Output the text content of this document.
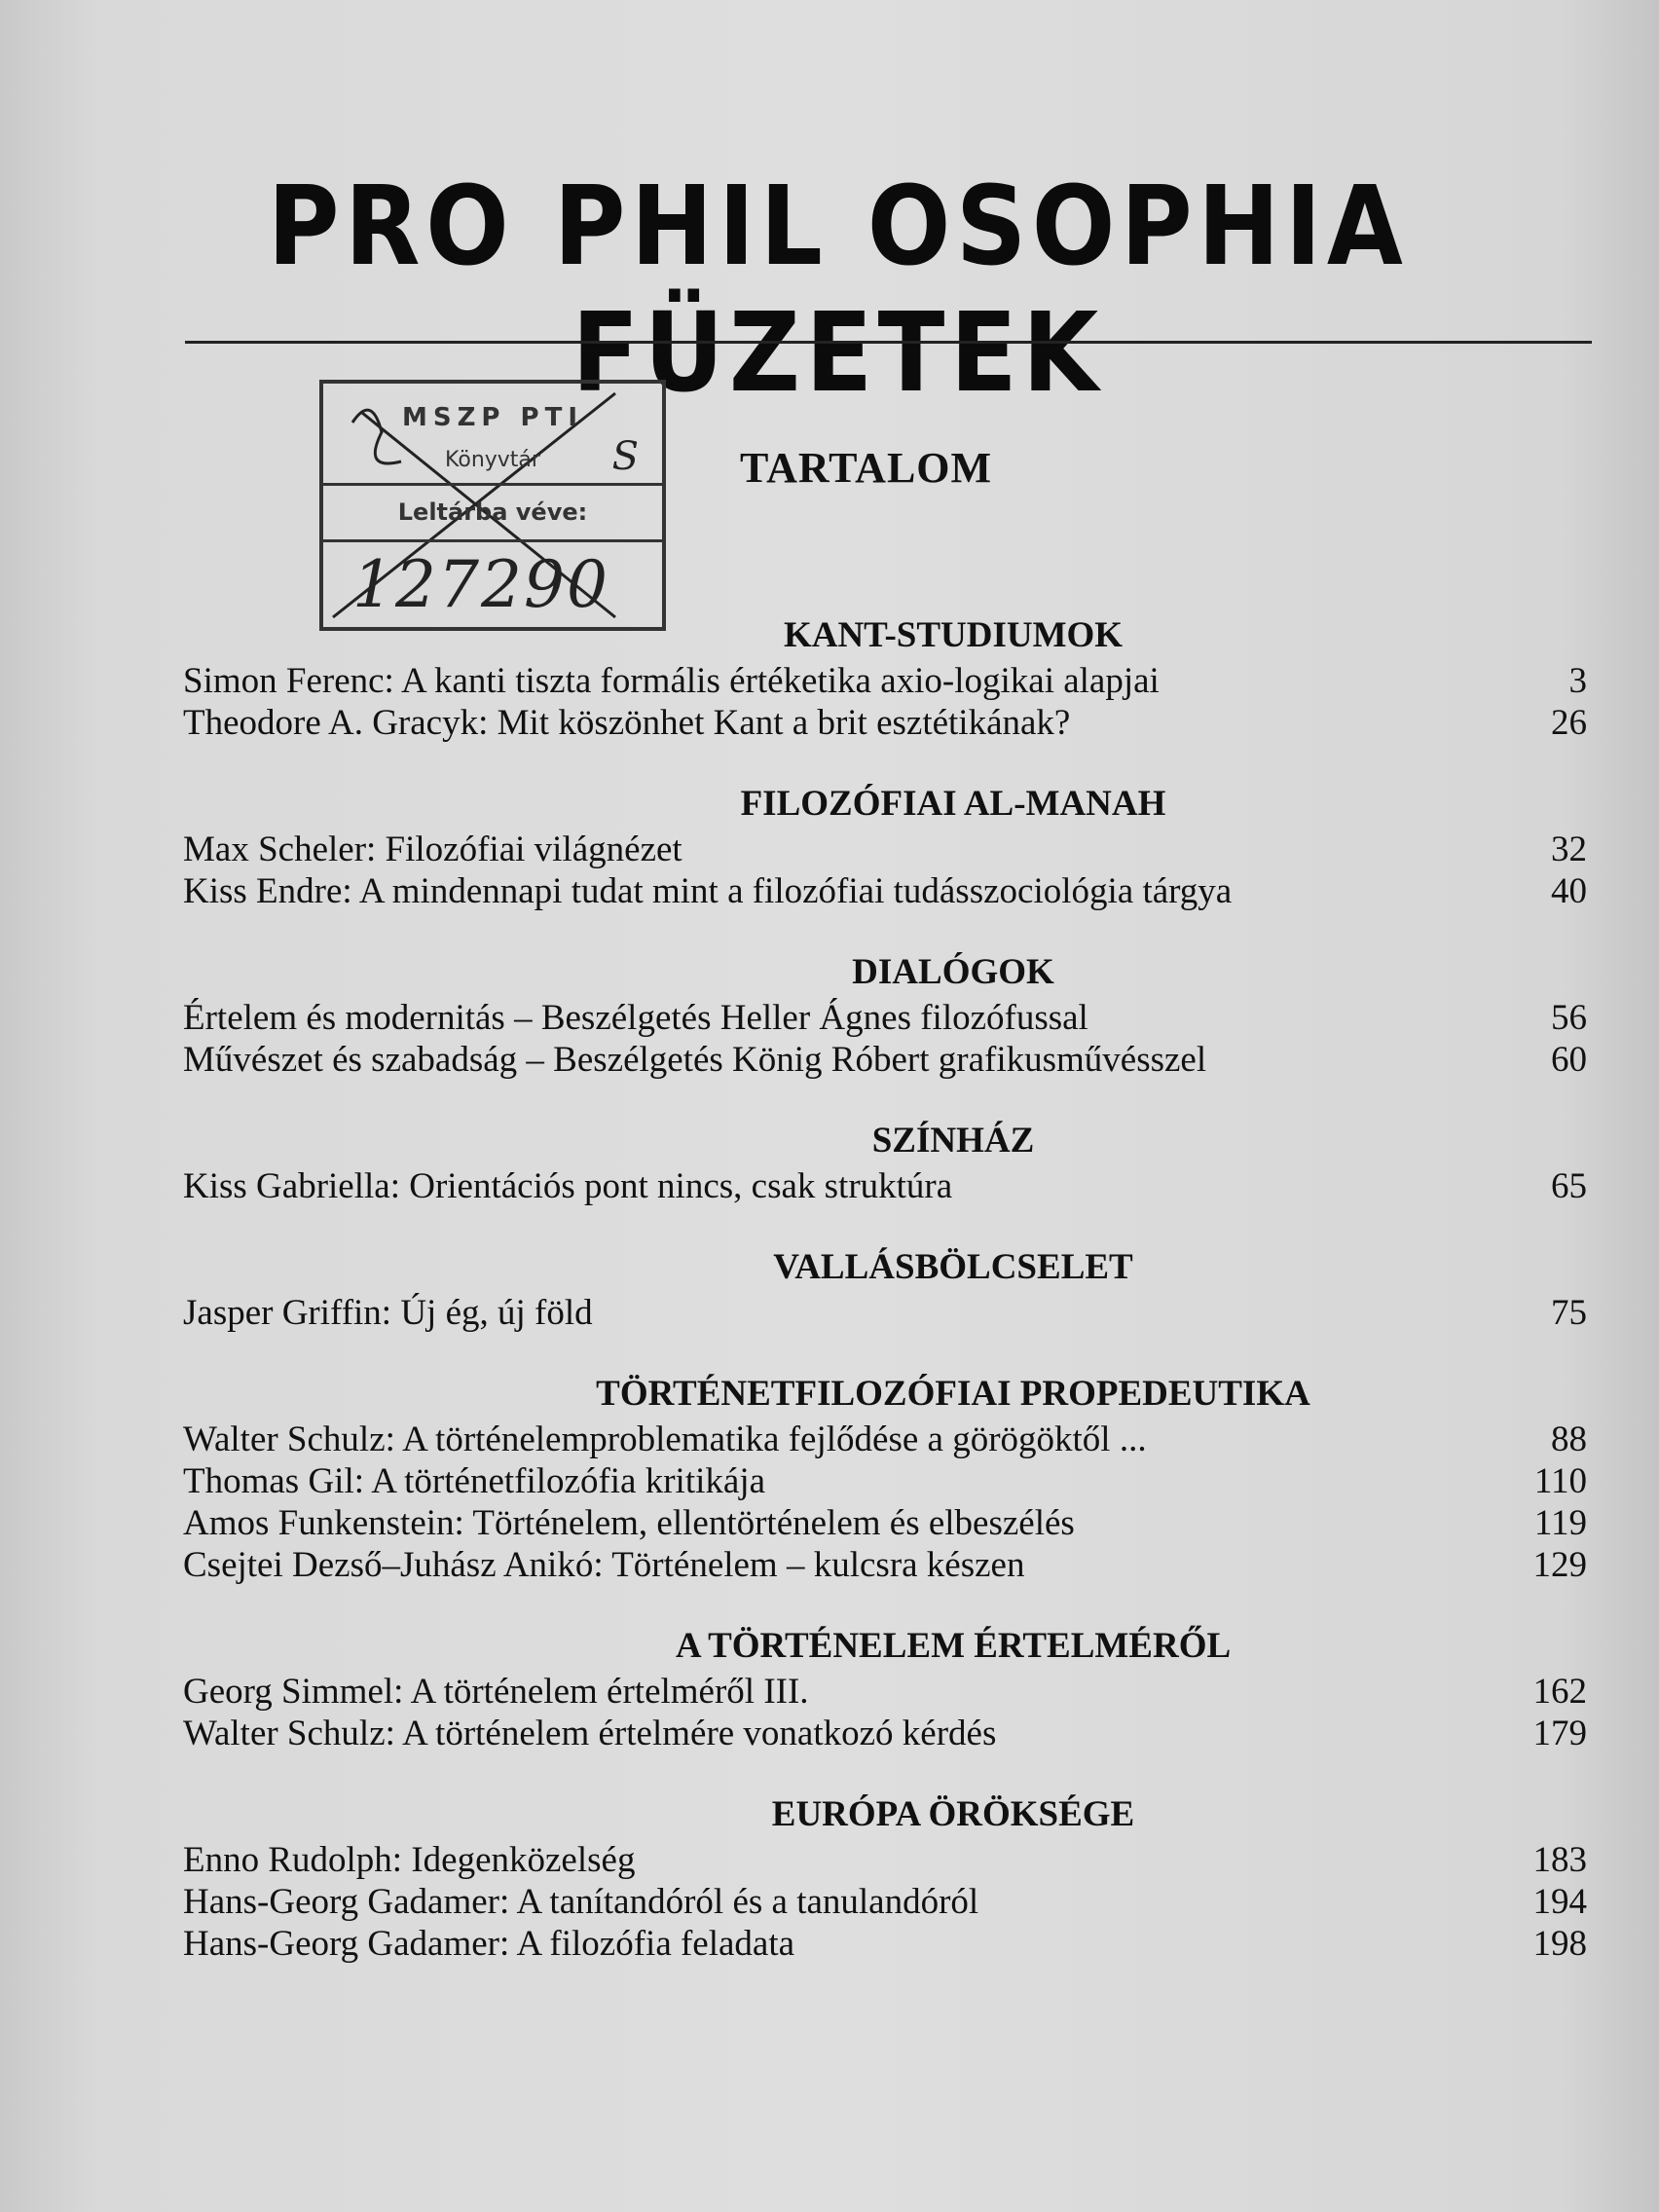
PRO PHIL OSOPHIA FÜZETEK
MSZP PTI
Könyvtár	S
Leltárba véve:
127290
TARTALOM
KANT-STUDIUMOK
Simon Ferenc: A kanti tiszta formális értéketika axio-logikai alapjai	3
Theodore A. Gracyk: Mit köszönhet Kant a brit esztétikának?	26
FILOZÓFIAI AL-MANAH
Max Scheler: Filozófiai világnézet	32
Kiss Endre: A mindennapi tudat mint a filozófiai tudásszociológia tárgya	40
DIALÓGOK
Értelem és modernitás – Beszélgetés Heller Ágnes filozófussal	56
Művészet és szabadság – Beszélgetés König Róbert grafikusművésszel	60
SZÍNHÁZ
Kiss Gabriella: Orientációs pont nincs, csak struktúra	65
VALLÁSBÖLCSELET
Jasper Griffin: Új ég, új föld	75
TÖRTÉNETFILOZÓFIAI PROPEDEUTIKA
Walter Schulz: A történelemproblematika fejlődése a görögöktől ...	88
Thomas Gil: A történetfilozófia kritikája	110
Amos Funkenstein: Történelem, ellentörténelem és elbeszélés	119
Csejtei Dezső–Juhász Anikó: Történelem – kulcsra készen	129
A TÖRTÉNELEM ÉRTELMÉRŐL
Georg Simmel: A történelem értelméről III.	162
Walter Schulz: A történelem értelmére vonatkozó kérdés	179
EURÓPA ÖRÖKSÉGE
Enno Rudolph: Idegenközelség	183
Hans-Georg Gadamer: A tanítandóról és a tanulandóról	194
Hans-Georg Gadamer: A filozófia feladata	198
